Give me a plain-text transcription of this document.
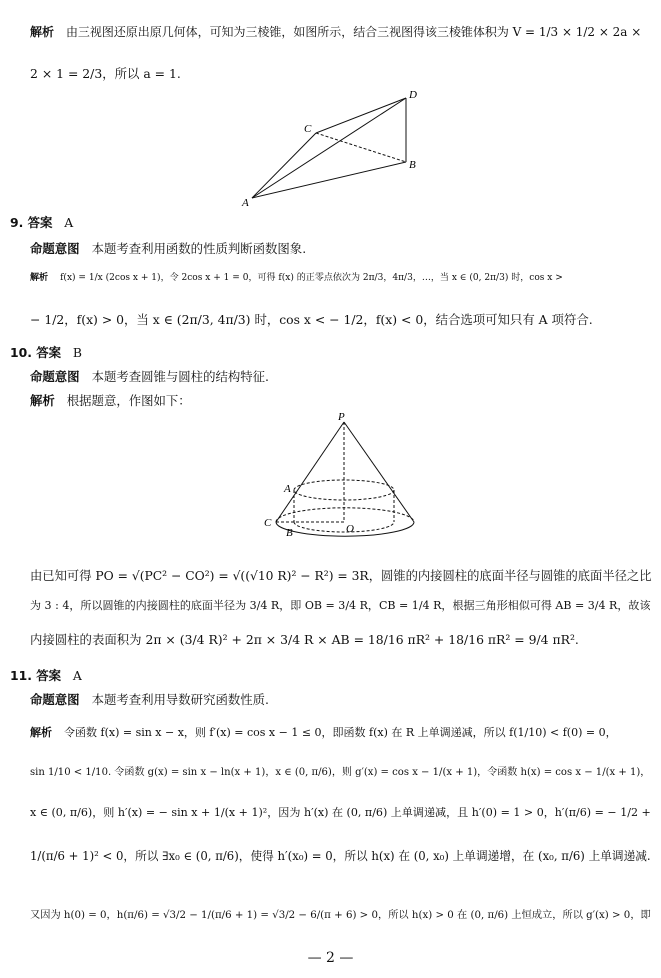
解析 由三视图还原出原几何体，可知为三棱锥，如图所示，结合三视图得该三棱锥体积为 V = 1/3 × 1/2 × 2a ×
2 × 1 = 2/3，所以 a = 1.
A
C
D
B
9. 答案 A
命题意图 本题考查利用函数的性质判断函数图象.
解析 f(x) = 1/x (2cos x + 1)，令 2cos x + 1 = 0，可得 f(x) 的正零点依次为 2π/3，4π/3，…，当 x ∈ (0, 2π/3) 时，cos x >
− 1/2，f(x) > 0，当 x ∈ (2π/3, 4π/3) 时，cos x < − 1/2，f(x) < 0，结合选项可知只有 A 项符合.
10. 答案 B
命题意图 本题考查圆锥与圆柱的结构特征.
解析 根据题意，作图如下：
P
A
C
B	O
由已知可得 PO = √(PC² − CO²) = √((√10 R)² − R²) = 3R，圆锥的内接圆柱的底面半径与圆锥的底面半径之比
为 3 : 4，所以圆锥的内接圆柱的底面半径为 3/4 R，即 OB = 3/4 R，CB = 1/4 R，根据三角形相似可得 AB = 3/4 R，故该
内接圆柱的表面积为 2π × (3/4 R)² + 2π × 3/4 R × AB = 18/16 πR² + 18/16 πR² = 9/4 πR².
11. 答案 A
命题意图 本题考查利用导数研究函数性质.
解析 令函数 f(x) = sin x − x，则 f′(x) = cos x − 1 ≤ 0，即函数 f(x) 在 R 上单调递减，所以 f(1/10) < f(0) = 0，
sin 1/10 < 1/10. 令函数 g(x) = sin x − ln(x + 1)，x ∈ (0, π/6)，则 g′(x) = cos x − 1/(x + 1)，令函数 h(x) = cos x − 1/(x + 1)，
x ∈ (0, π/6)，则 h′(x) = − sin x + 1/(x + 1)²，因为 h′(x) 在 (0, π/6) 上单调递减，且 h′(0) = 1 > 0，h′(π/6) = − 1/2 +
1/(π/6 + 1)² < 0，所以 ∃x₀ ∈ (0, π/6)，使得 h′(x₀) = 0，所以 h(x) 在 (0, x₀) 上单调递增，在 (x₀, π/6) 上单调递减.
又因为 h(0) = 0，h(π/6) = √3/2 − 1/(π/6 + 1) = √3/2 − 6/(π + 6) > 0，所以 h(x) > 0 在 (0, π/6) 上恒成立，所以 g′(x) > 0，即
— 2 —
